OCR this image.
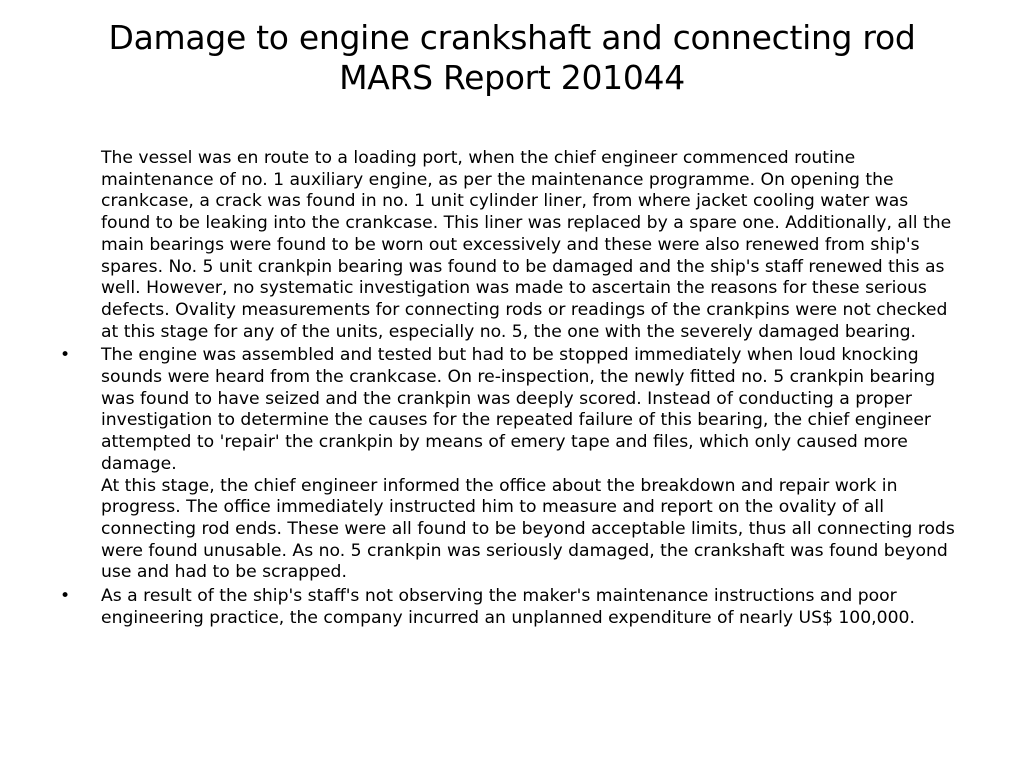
Damage to engine crankshaft and connecting rod
MARS Report 201044
The vessel was en route to a loading port, when the chief engineer commenced routine maintenance of no. 1 auxiliary engine, as per the maintenance programme. On opening the crankcase, a crack was found in no. 1 unit cylinder liner, from where jacket cooling water was found to be leaking into the crankcase. This liner was replaced by a spare one. Additionally, all the main bearings were found to be worn out excessively and these were also renewed from ship's spares. No. 5 unit crankpin bearing was found to be damaged and the ship's staff renewed this as well. However, no systematic investigation was made to ascertain the reasons for these serious defects. Ovality measurements for connecting rods or readings of the crankpins were not checked at this stage for any of the units, especially no. 5, the one with the severely damaged bearing.
•	The engine was assembled and tested but had to be stopped immediately when loud knocking sounds were heard from the crankcase. On re-inspection, the newly fitted no. 5 crankpin bearing was found to have seized and the crankpin was deeply scored. Instead of conducting a proper investigation to determine the causes for the repeated failure of this bearing, the chief engineer attempted to 'repair' the crankpin by means of emery tape and files, which only caused more damage.
At this stage, the chief engineer informed the office about the breakdown and repair work in progress. The office immediately instructed him to measure and report on the ovality of all connecting rod ends. These were all found to be beyond acceptable limits, thus all connecting rods were found unusable. As no. 5 crankpin was seriously damaged, the crankshaft was found beyond use and had to be scrapped.
•	As a result of the ship's staff's not observing the maker's maintenance instructions and poor engineering practice, the company incurred an unplanned expenditure of nearly US$ 100,000.
